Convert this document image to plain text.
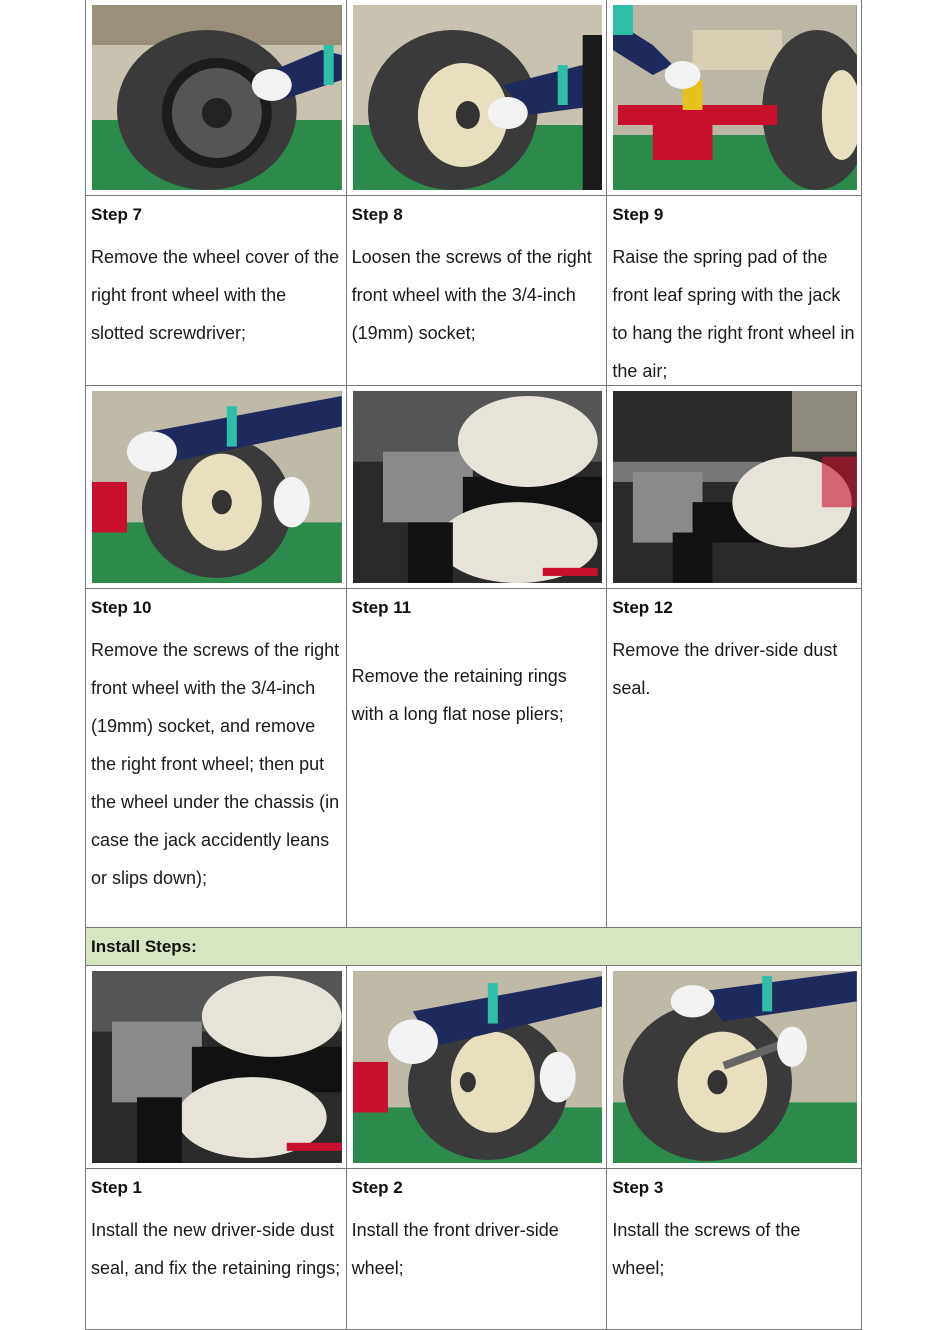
Step 7
Remove the wheel cover of the right front wheel with the slotted screwdriver;
Step 8
Loosen the screws of the right front wheel with the 3/4-inch (19mm) socket;
Step 9
Raise the spring pad of the front leaf spring with the jack to hang the right front wheel in the air;
Step 10
Remove the screws of the right front wheel with the 3/4-inch (19mm) socket, and remove the right front wheel; then put the wheel under the chassis (in case the jack accidently leans or slips down);
Step 11
Remove the retaining rings with a long flat nose pliers;
Step 12
Remove the driver-side dust seal.
Install Steps:
Step 1
Install the new driver-side dust seal, and fix the retaining rings;
Step 2
Install the front driver-side wheel;
Step 3
Install the screws of the wheel;
